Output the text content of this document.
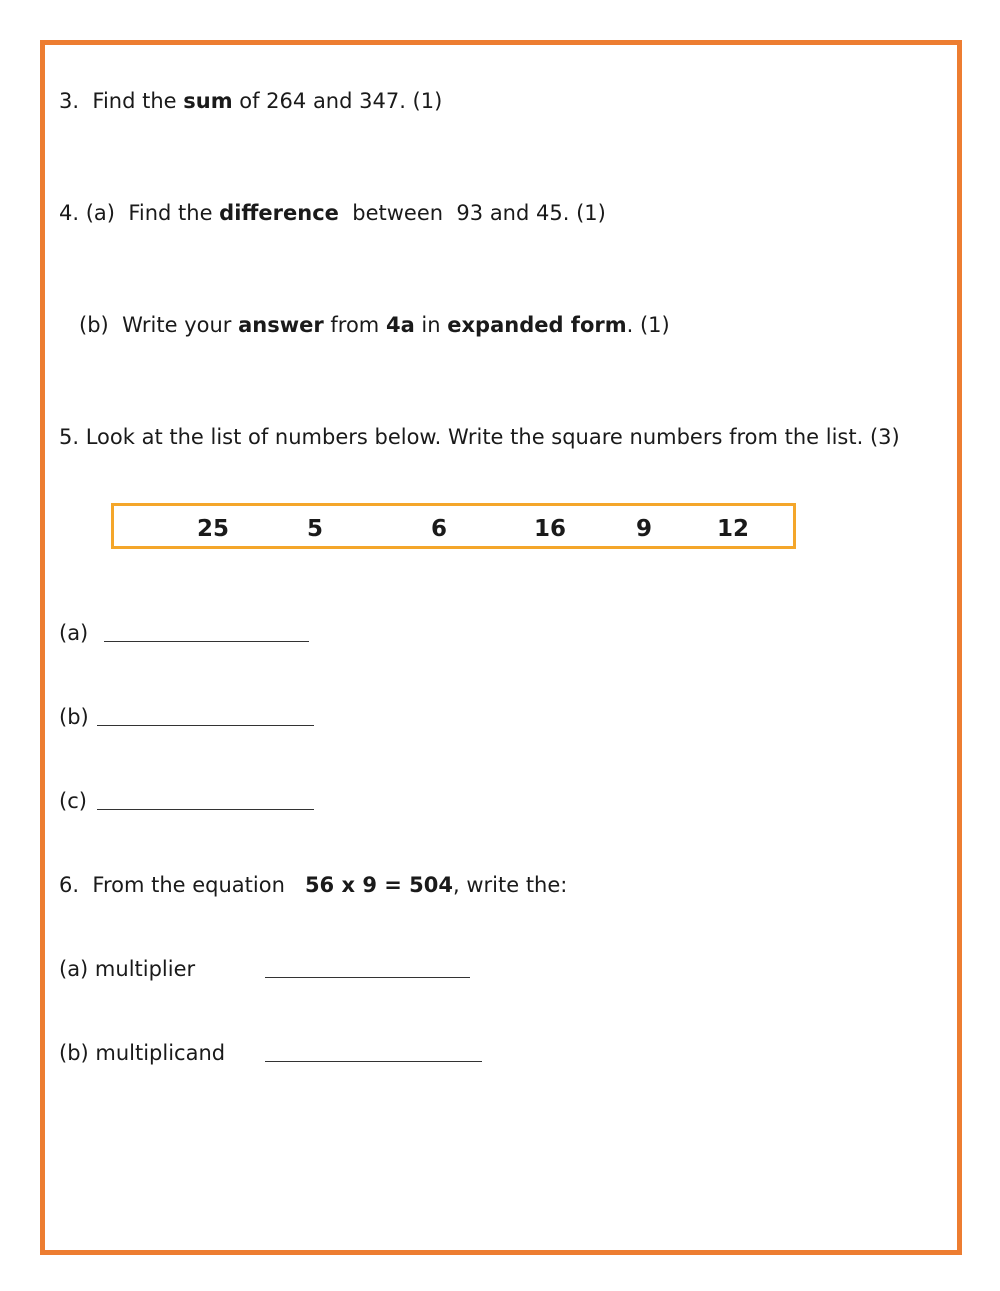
3. Find the sum of 264 and 347. (1)
4. (a) Find the difference  between  93 and 45. (1)
(b) Write your answer from 4a in expanded form. (1)
5. Look at the list of numbers below. Write the square numbers from the list. (3)
25	5	6	16	9	12
(a)
(b)
(c)
6. From the equation   56 x 9 = 504, write the:
(a) multiplier
(b) multiplicand
